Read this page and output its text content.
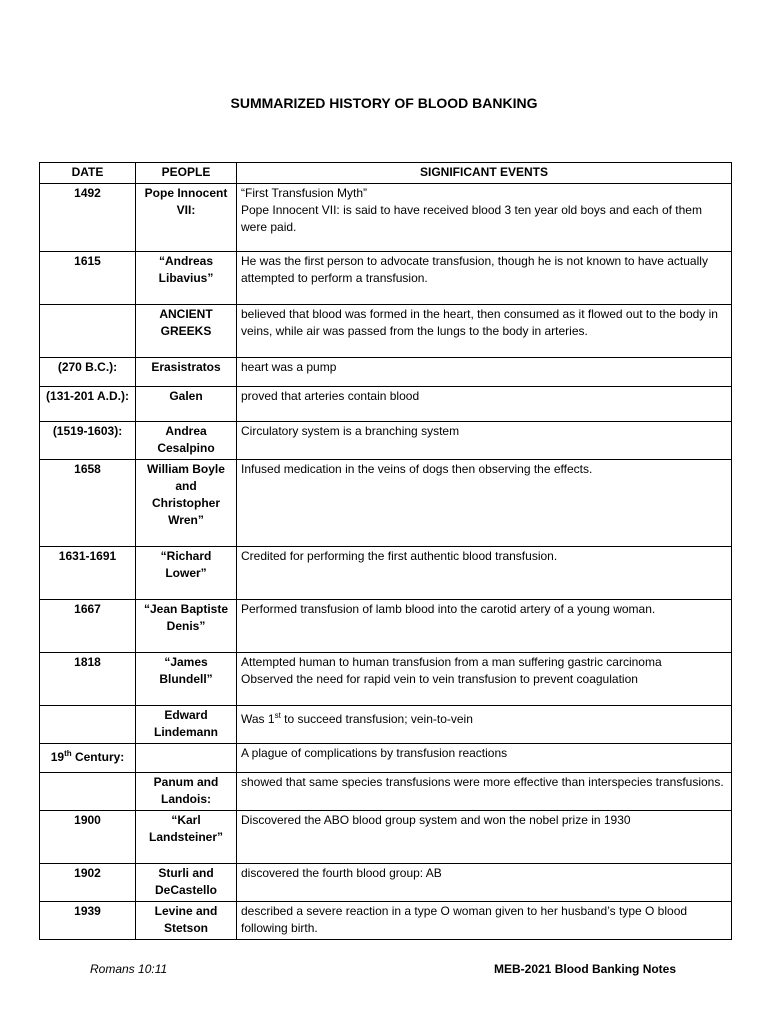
SUMMARIZED HISTORY OF BLOOD BANKING
DATE	PEOPLE	SIGNIFICANT EVENTS
1492	Pope Innocent VII:	“First Transfusion Myth”
Pope Innocent VII: is said to have received blood 3 ten year old boys and each of them were paid.

1615	“Andreas Libavius”	He was the first person to advocate transfusion, though he is not known to have actually attempted to perform a transfusion.

	ANCIENT GREEKS	believed that blood was formed in the heart, then consumed as it flowed out to the body in veins, while air was passed from the lungs to the body in arteries.

(270 B.C.):	Erasistratos	heart was a pump

(131-201 A.D.):	Galen	proved that arteries contain blood

(1519-1603):	Andrea Cesalpino	Circulatory system is a branching system

1658	William Boyle and Christopher Wren”	Infused medication in the veins of dogs then observing the effects.

1631-1691	“Richard Lower”	Credited for performing the first authentic blood transfusion.

1667	“Jean Baptiste Denis”	Performed transfusion of lamb blood into the carotid artery of a young woman.

1818	“James Blundell”	Attempted human to human transfusion from a man suffering gastric carcinoma
Observed the need for rapid vein to vein transfusion to prevent coagulation

	Edward Lindemann	Was 1st to succeed transfusion; vein-to-vein

19th Century:		A plague of complications by transfusion reactions

	Panum and Landois:	showed that same species transfusions were more effective than interspecies transfusions.

1900	“Karl Landsteiner”	Discovered the ABO blood group system and won the nobel prize in 1930

1902	Sturli and DeCastello	discovered the fourth blood group: AB

1939	Levine and Stetson	described a severe reaction in a type O woman given to her husband’s type O blood following birth.
Romans 10:11	MEB-2021 Blood Banking Notes
